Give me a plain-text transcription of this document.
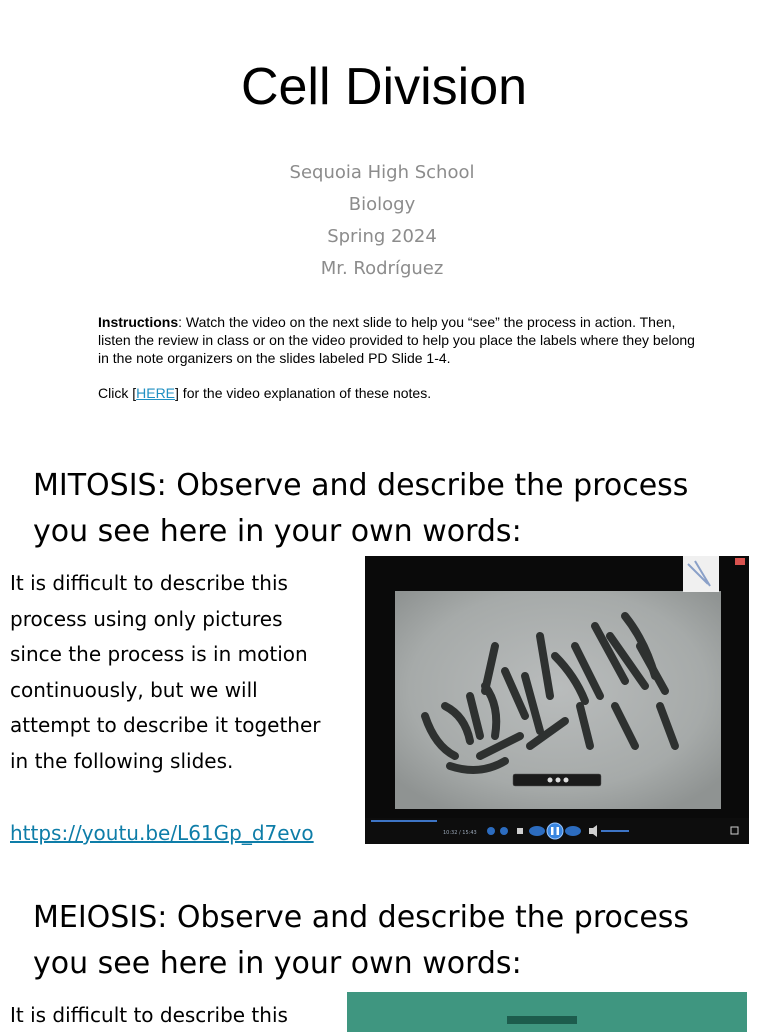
Cell Division
Sequoia High School
Biology
Spring 2024
Mr. Rodríguez
Instructions: Watch the video on the next slide to help you “see” the process in action. Then, listen the review in class or on the video provided to help you place the labels where they belong in the note organizers on the slides labeled PD Slide 1-4.
Click [HERE] for the video explanation of these notes.
MITOSIS: Observe and describe the process you see here in your own words:
It is difficult to describe this
process using only pictures
since the process is in motion
continuously, but we will
attempt to describe it together
in the following slides.
https://youtu.be/L61Gp_d7evo	10:32 / 15:43
MEIOSIS: Observe and describe the process you see here in your own words:
It is difficult to describe this
